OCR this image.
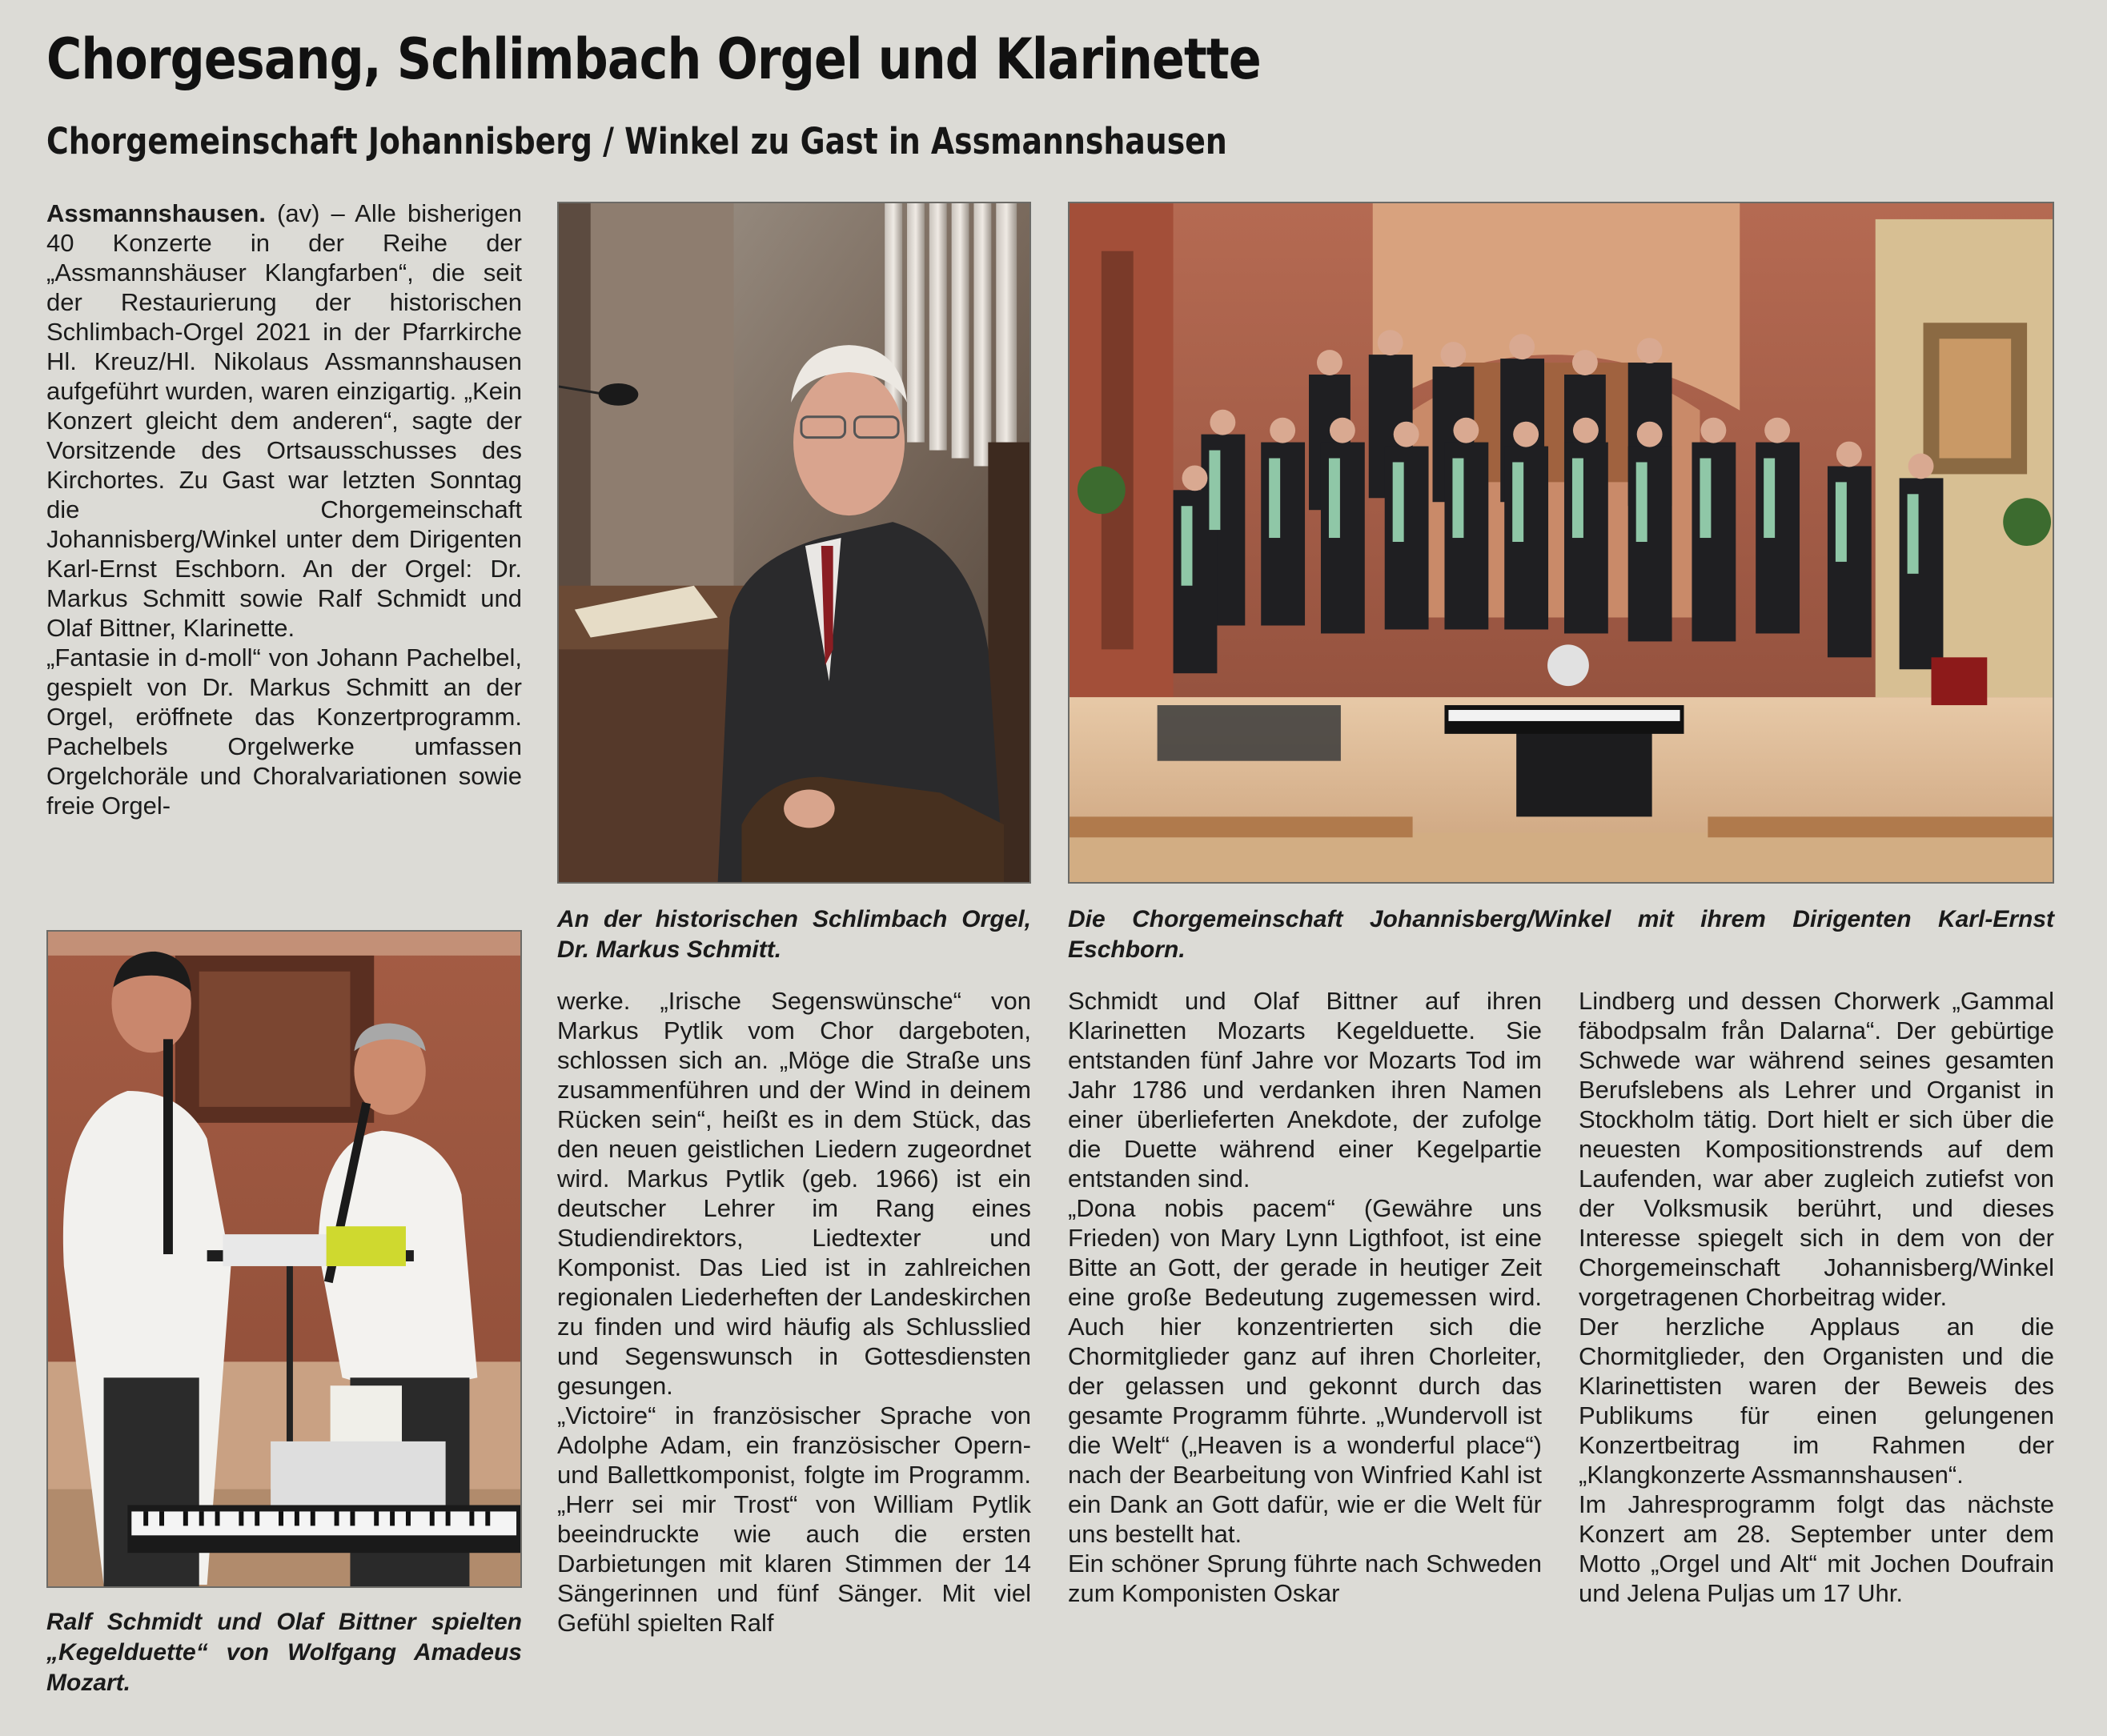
Chorgesang, Schlimbach Orgel und Klarinette
Chorgemeinschaft Johannisberg / Winkel zu Gast in Assmannshausen

Assmannshausen. (av) – Alle bisherigen 40 Konzerte in der Reihe der „Assmannshäuser Klangfarben“, die seit der Restaurierung der historischen Schlimbach-Orgel 2021 in der Pfarrkirche Hl. Kreuz/Hl. Nikolaus Assmannshausen aufgeführt wurden, waren einzigartig. „Kein Konzert gleicht dem anderen“, sagte der Vorsitzende des Ortsausschusses des Kirchortes. Zu Gast war letzten Sonntag die Chorgemeinschaft Johannisberg/Winkel unter dem Dirigenten Karl-Ernst Eschborn. An der Orgel: Dr. Markus Schmitt sowie Ralf Schmidt und Olaf Bittner, Klarinette.

„Fantasie in d-moll“ von Johann Pachelbel, gespielt von Dr. Markus Schmitt an der Orgel, eröffnete das Konzertprogramm. Pachelbels Orgelwerke umfassen Orgelchoräle und Choralvariationen sowie freie Orgel-

An der historischen Schlimbach Orgel, Dr. Markus Schmitt.
Die Chorgemeinschaft Johannisberg/Winkel mit ihrem Dirigenten Karl-Ernst Eschborn.
Ralf Schmidt und Olaf Bittner spielten „Kegelduette“ von Wolfgang Amadeus Mozart.

werke. „Irische Segenswünsche“ von Markus Pytlik vom Chor dargeboten, schlossen sich an. „Möge die Straße uns zusammenführen und der Wind in deinem Rücken sein“, heißt es in dem Stück, das den neuen geistlichen Liedern zugeordnet wird. Markus Pytlik (geb. 1966) ist ein deutscher Lehrer im Rang eines Studiendirektors, Liedtexter und Komponist. Das Lied ist in zahlreichen regionalen Liederheften der Landeskirchen zu finden und wird häufig als Schlusslied und Segenswunsch in Gottesdiensten gesungen.

„Victoire“ in französischer Sprache von Adolphe Adam, ein französischer Opern- und Ballettkomponist, folgte im Programm. „Herr sei mir Trost“ von William Pytlik beeindruckte wie auch die ersten Darbietungen mit klaren Stimmen der 14 Sängerinnen und fünf Sänger. Mit viel Gefühl spielten Ralf

Schmidt und Olaf Bittner auf ihren Klarinetten Mozarts Kegelduette. Sie entstanden fünf Jahre vor Mozarts Tod im Jahr 1786 und verdanken ihren Namen einer überlieferten Anekdote, der zufolge die Duette während einer Kegelpartie entstanden sind.

„Dona nobis pacem“ (Gewähre uns Frieden) von Mary Lynn Ligthfoot, ist eine Bitte an Gott, der gerade in heutiger Zeit eine große Bedeutung zugemessen wird. Auch hier konzentrierten sich die Chormitglieder ganz auf ihren Chorleiter, der gelassen und gekonnt durch das gesamte Programm führte. „Wundervoll ist die Welt“ („Heaven is a wonderful place“) nach der Bearbeitung von Winfried Kahl ist ein Dank an Gott dafür, wie er die Welt für uns bestellt hat.

Ein schöner Sprung führte nach Schweden zum Komponisten Oskar

Lindberg und dessen Chorwerk „Gammal fäbodpsalm från Dalarna“. Der gebürtige Schwede war während seines gesamten Berufslebens als Lehrer und Organist in Stockholm tätig. Dort hielt er sich über die neuesten Kompositionstrends auf dem Laufenden, war aber zugleich zutiefst von der Volksmusik berührt, und dieses Interesse spiegelt sich in dem von der Chorgemeinschaft Johannisberg/Winkel vorgetragenen Chorbeitrag wider.

Der herzliche Applaus an die Chormitglieder, den Organisten und die Klarinettisten waren der Beweis des Publikums für einen gelungenen Konzertbeitrag im Rahmen der „Klangkonzerte Assmannshausen“.

Im Jahresprogramm folgt das nächste Konzert am 28. September unter dem Motto „Orgel und Alt“ mit Jochen Doufrain und Jelena Puljas um 17 Uhr.
